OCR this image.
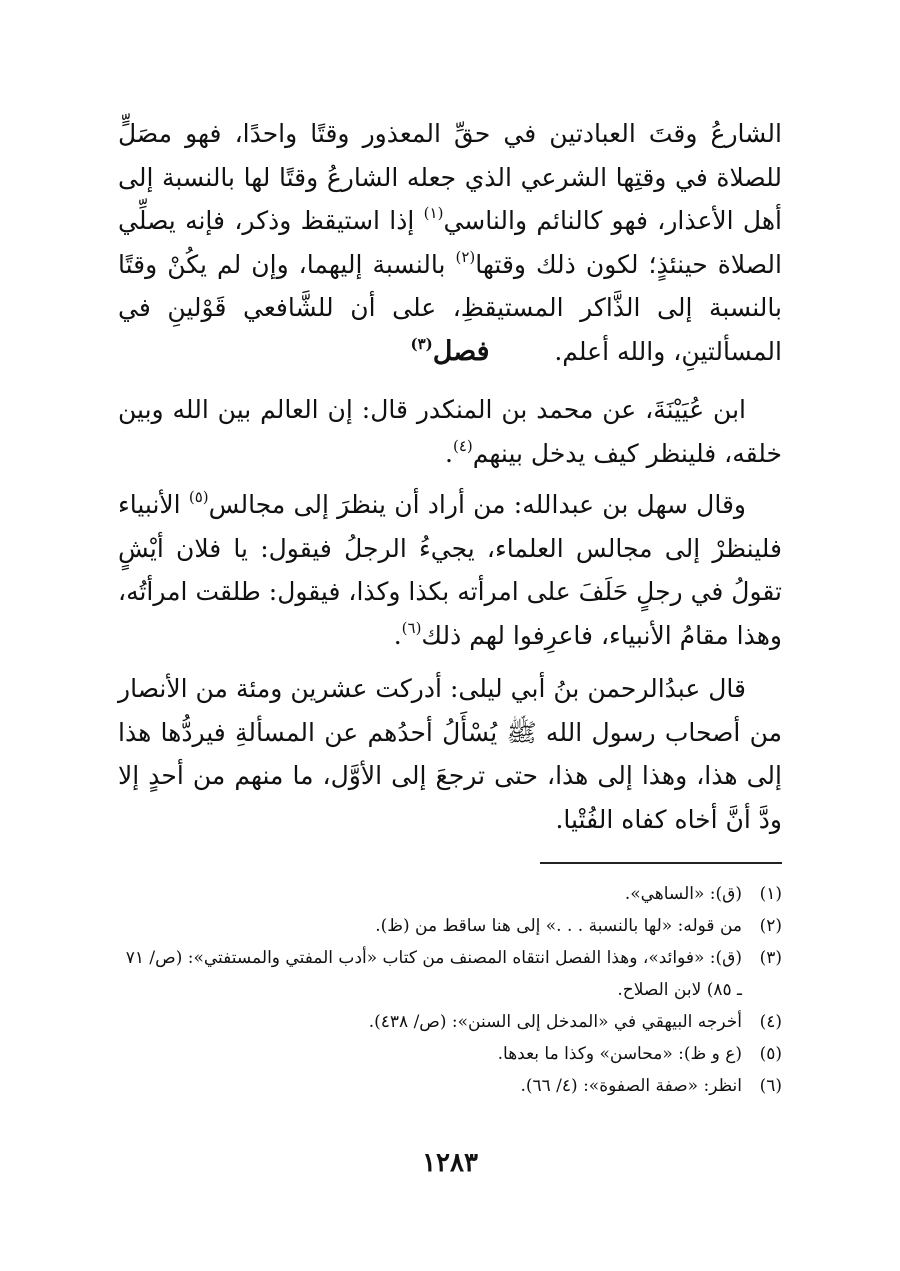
الشارعُ وقتَ العبادتين في حقِّ المعذور وقتًا واحدًا، فهو مصَلٍّ للصلاة في وقتِها الشرعي الذي جعله الشارعُ وقتًا لها بالنسبة إلى أهل الأعذار، فهو كالنائم والناسي$^{(١)}$ إذا استيقظ وذكر، فإنه يصلِّي الصلاة حينئذٍ؛ لكون ذلك وقتها$^{(٢)}$ بالنسبة إليهما، وإن لم يكُنْ وقتًا بالنسبة إلى الذَّاكر المستيقظِ، على أن للشَّافعي قَوْلينِ في المسألتينِ، والله أعلم.

فصل$^{(٣)}$

ابن عُيَيْنَةَ، عن محمد بن المنكدر قال: إن العالم بين الله وبين خلقه، فلينظر كيف يدخل بينهم$^{(٤)}$.

وقال سهل بن عبدالله: من أراد أن ينظرَ إلى مجالس$^{(٥)}$ الأنبياء فلينظرْ إلى مجالس العلماء، يجيءُ الرجلُ فيقول: يا فلان أيْشٍ تقولُ في رجلٍ حَلَفَ على امرأته بكذا وكذا، فيقول: طلقت امرأتُه، وهذا مقامُ الأنبياء، فاعرِفوا لهم ذلك$^{(٦)}$.

قال عبدُالرحمن بنُ أبي ليلى: أدركت عشرين ومئة من الأنصار من أصحاب رسول الله ﷺ يُسْأَلُ أحدُهم عن المسألةِ فيردُّها هذا إلى هذا، وهذا إلى هذا، حتى ترجعَ إلى الأوَّل، ما منهم من أحدٍ إلا ودَّ أنَّ أخاه كفاه الفُتْيا.

(١)
(ق): «الساهي».
(٢)
من قوله: «لها بالنسبة . . .» إلى هنا ساقط من (ظ).
(٣)
(ق): «فوائد»، وهذا الفصل انتقاه المصنف من كتاب «أدب المفتي والمستفتي»: (ص/ ٧١ ـ ٨٥) لابن الصلاح.
(٤)
أخرجه البيهقي في «المدخل إلى السنن»: (ص/ ٤٣٨).
(٥)
(ع و ظ): «محاسن» وكذا ما بعدها.
(٦)
انظر: «صفة الصفوة»: (٤/ ٦٦).
١٢٨٣
